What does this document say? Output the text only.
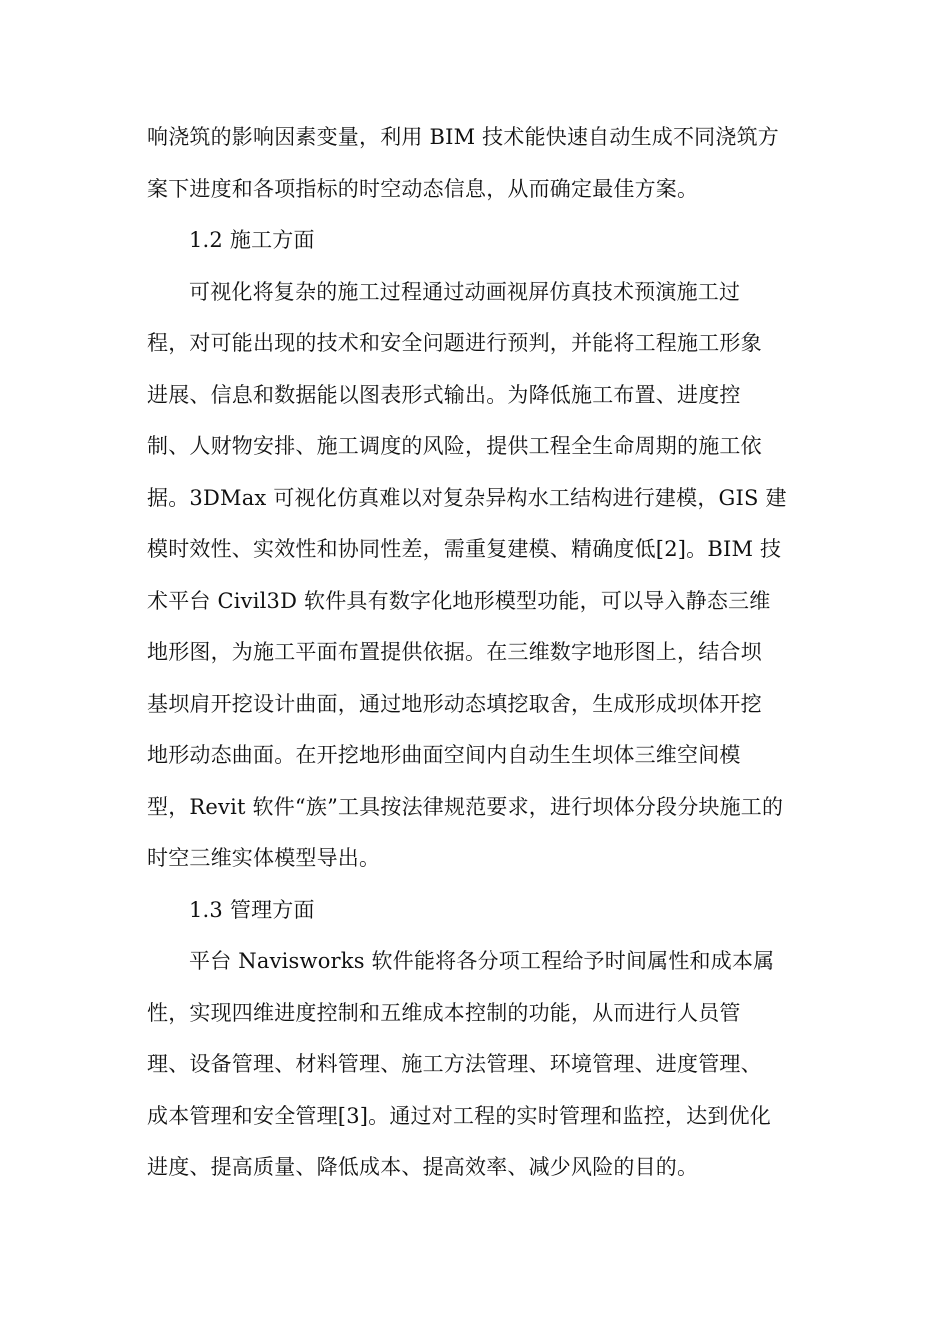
响浇筑的影响因素变量，利用 BIM 技术能快速自动生成不同浇筑方
案下进度和各项指标的时空动态信息，从而确定最佳方案。
1.2 施工方面
可视化将复杂的施工过程通过动画视屏仿真技术预演施工过
程，对可能出现的技术和安全问题进行预判，并能将工程施工形象
进展、信息和数据能以图表形式输出。为降低施工布置、进度控
制、人财物安排、施工调度的风险，提供工程全生命周期的施工依
据。3DMax 可视化仿真难以对复杂异构水工结构进行建模，GIS 建
模时效性、实效性和协同性差，需重复建模、精确度低[2]。BIM 技
术平台 Civil3D 软件具有数字化地形模型功能，可以导入静态三维
地形图，为施工平面布置提供依据。在三维数字地形图上，结合坝
基坝肩开挖设计曲面，通过地形动态填挖取舍，生成形成坝体开挖
地形动态曲面。在开挖地形曲面空间内自动生生坝体三维空间模
型，Revit 软件“族”工具按法律规范要求，进行坝体分段分块施工的
时空三维实体模型导出。
1.3 管理方面
平台 Navisworks 软件能将各分项工程给予时间属性和成本属
性，实现四维进度控制和五维成本控制的功能，从而进行人员管
理、设备管理、材料管理、施工方法管理、环境管理、进度管理、
成本管理和安全管理[3]。通过对工程的实时管理和监控，达到优化
进度、提高质量、降低成本、提高效率、减少风险的目的。
